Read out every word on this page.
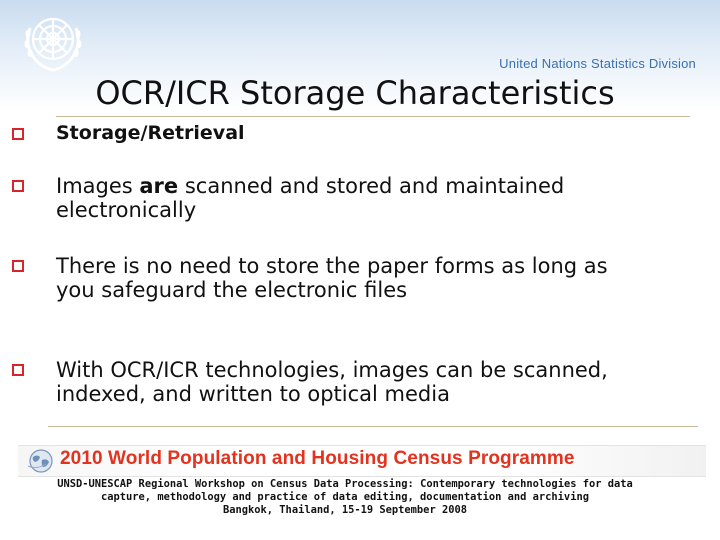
United Nations Statistics Division
OCR/ICR Storage Characteristics
Storage/Retrieval
Images are scanned and stored and maintained
electronically
There is no need to store the paper forms as long as
you safeguard the electronic files
With OCR/ICR technologies, images can be scanned,
indexed, and written to optical media
2010 World Population and Housing Census Programme
UNSD-UNESCAP Regional Workshop on Census Data Processing: Contemporary technologies for data
capture, methodology and practice of data editing, documentation and archiving
Bangkok, Thailand, 15-19 September 2008
